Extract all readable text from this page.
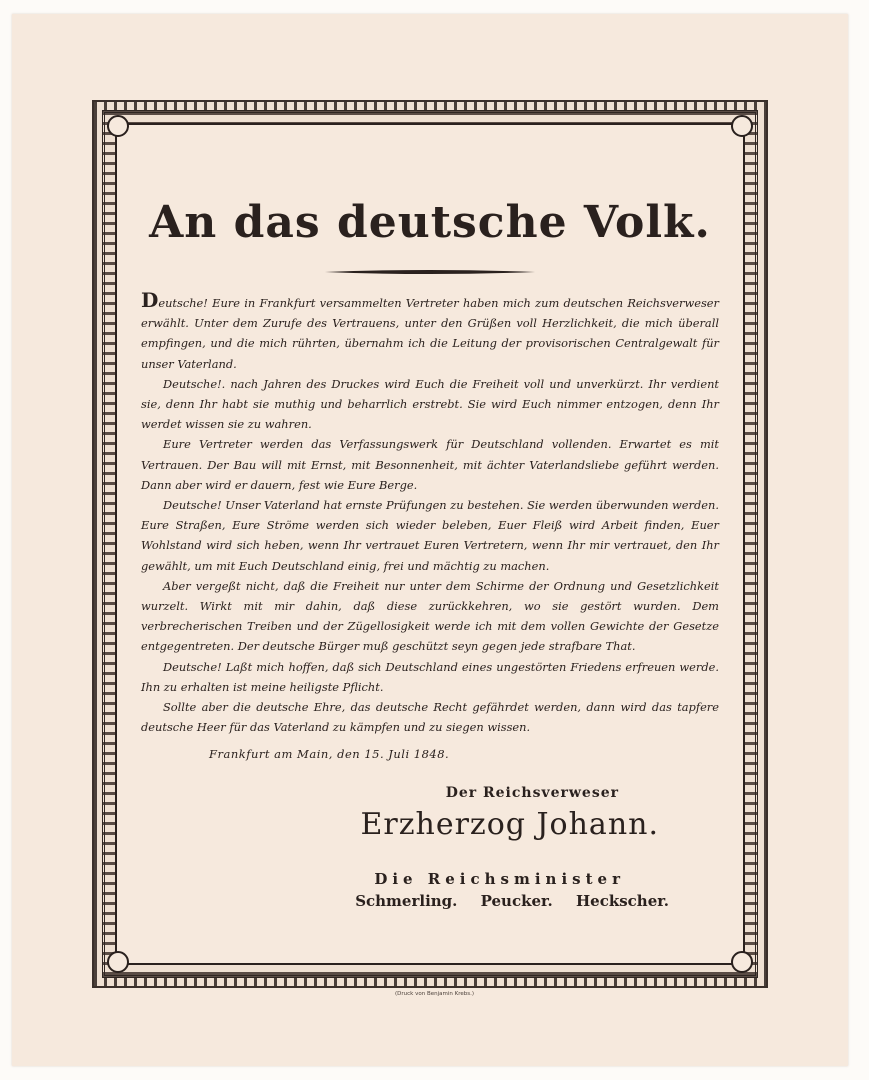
An das deutsche Volk.

Deutsche! Eure in Frankfurt versammelten Vertreter haben mich zum deutschen Reichsverweser erwählt. Unter dem Zurufe des Vertrauens, unter den Grüßen voll Herzlichkeit, die mich überall empfingen, und die mich rührten, übernahm ich die Leitung der provisorischen Centralgewalt für unser Vaterland.

Deutsche!. nach Jahren des Druckes wird Euch die Freiheit voll und unverkürzt. Ihr verdient sie, denn Ihr habt sie muthig und beharrlich erstrebt. Sie wird Euch nimmer entzogen, denn Ihr werdet wissen sie zu wahren.

Eure Vertreter werden das Verfassungswerk für Deutschland vollenden. Erwartet es mit Vertrauen. Der Bau will mit Ernst, mit Besonnenheit, mit ächter Vaterlandsliebe geführt werden. Dann aber wird er dauern, fest wie Eure Berge.

Deutsche! Unser Vaterland hat ernste Prüfungen zu bestehen. Sie werden überwunden werden. Eure Straßen, Eure Ströme werden sich wieder beleben, Euer Fleiß wird Arbeit finden, Euer Wohlstand wird sich heben, wenn Ihr vertrauet Euren Vertretern, wenn Ihr mir vertrauet, den Ihr gewählt, um mit Euch Deutschland einig, frei und mächtig zu machen.

Aber vergeßt nicht, daß die Freiheit nur unter dem Schirme der Ordnung und Gesetzlichkeit wurzelt. Wirkt mit mir dahin, daß diese zurückkehren, wo sie gestört wurden. Dem verbrecherischen Treiben und der Zügellosigkeit werde ich mit dem vollen Gewichte der Gesetze entgegentreten. Der deutsche Bürger muß geschützt seyn gegen jede strafbare That.

Deutsche! Laßt mich hoffen, daß sich Deutschland eines ungestörten Friedens erfreuen werde. Ihn zu erhalten ist meine heiligste Pflicht.

Sollte aber die deutsche Ehre, das deutsche Recht gefährdet werden, dann wird das tapfere deutsche Heer für das Vaterland zu kämpfen und zu siegen wissen.

Frankfurt am Main, den 15. Juli 1848.
Der Reichsverweser
Erzherzog Johann.
Die Reichsminister
Schmerling. Peucker. Heckscher.
(Druck von Benjamin Krebs.)
